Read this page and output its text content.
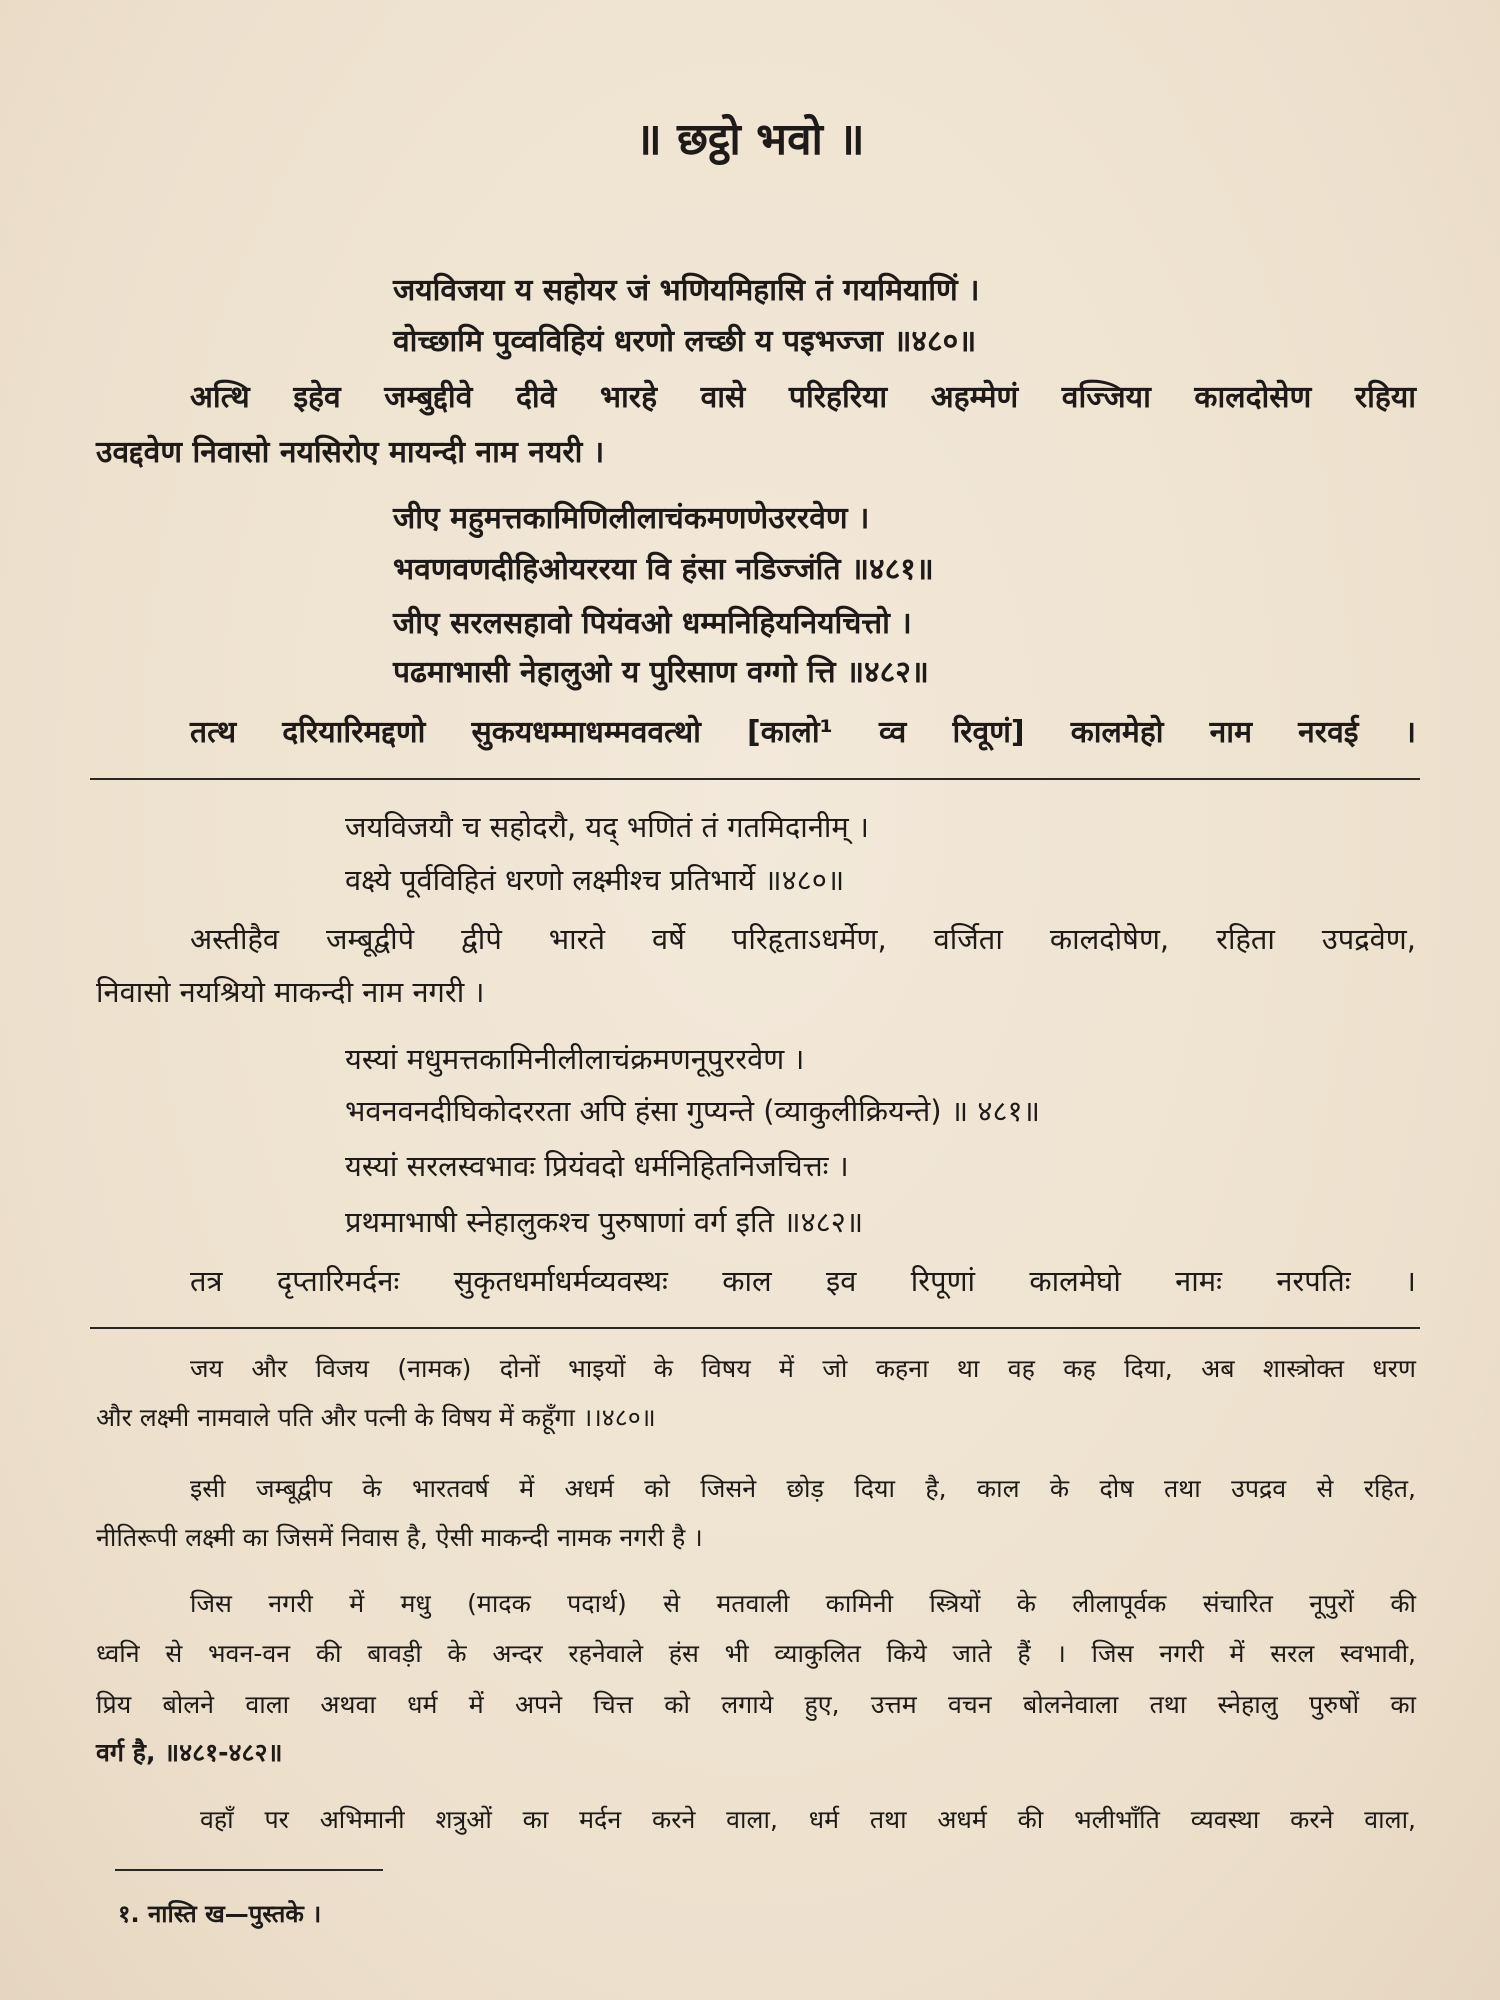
॥ छट्ठो भवो ॥
जयविजया य सहोयर जं भणियमिहासि तं गयमियाणिं ।
वोच्छामि पुव्वविहियं धरणो लच्छी य पइभज्जा ॥४८०॥
अत्थि इहेव जम्बुद्दीवे दीवे भारहे वासे परिहरिया अहम्मेणं वज्जिया कालदोसेण रहिया
उवद्दवेण निवासो नयसिरोए मायन्दी नाम नयरी ।
जीए महुमत्तकामिणिलीलाचंकमणणेउररवेण ।
भवणवणदीहिओयररया वि हंसा नडिज्जंति ॥४८१॥
जीए सरलसहावो पियंवओ धम्मनिहियनियचित्तो ।
पढमाभासी नेहालुओ य पुरिसाण वग्गो त्ति ॥४८२॥
तत्थ दरियारिमद्दणो सुकयधम्माधम्मववत्थो [कालो¹ व्व रिवूणं] कालमेहो नाम नरवई ।
जयविजयौ च सहोदरौ, यद् भणितं तं गतमिदानीम् ।
वक्ष्ये पूर्वविहितं धरणो लक्ष्मीश्च प्रतिभार्ये ॥४८०॥
अस्तीहैव जम्बूद्वीपे द्वीपे भारते वर्षे परिहृताऽधर्मेण, वर्जिता कालदोषेण, रहिता उपद्रवेण,
निवासो नयश्रियो माकन्दी नाम नगरी ।
यस्यां मधुमत्तकामिनीलीलाचंक्रमणनूपुररवेण ।
भवनवनदीघिकोदररता अपि हंसा गुप्यन्ते (व्याकुलीक्रियन्ते) ॥ ४८१॥
यस्यां सरलस्वभावः प्रियंवदो धर्मनिहितनिजचित्तः ।
प्रथमाभाषी स्नेहालुकश्च पुरुषाणां वर्ग इति ॥४८२॥
तत्र दृप्तारिमर्दनः सुकृतधर्माधर्मव्यवस्थः काल इव रिपूणां कालमेघो नामः नरपतिः ।
जय और विजय (नामक) दोनों भाइयों के विषय में जो कहना था वह कह दिया, अब शास्त्रोक्त धरण
और लक्ष्मी नामवाले पति और पत्नी के विषय में कहूँगा ।।४८०॥
इसी जम्बूद्वीप के भारतवर्ष में अधर्म को जिसने छोड़ दिया है, काल के दोष तथा उपद्रव से रहित,
नीतिरूपी लक्ष्मी का जिसमें निवास है, ऐसी माकन्दी नामक नगरी है ।
जिस नगरी में मधु (मादक पदार्थ) से मतवाली कामिनी स्त्रियों के लीलापूर्वक संचारित नूपुरों की
ध्वनि से भवन-वन की बावड़ी के अन्दर रहनेवाले हंस भी व्याकुलित किये जाते हैं । जिस नगरी में सरल स्वभावी,
प्रिय बोलने वाला अथवा धर्म में अपने चित्त को लगाये हुए, उत्तम वचन बोलनेवाला तथा स्नेहालु पुरुषों का
वर्ग है, ॥४८१-४८२॥
वहाँ पर अभिमानी शत्रुओं का मर्दन करने वाला, धर्म तथा अधर्म की भलीभाँति व्यवस्था करने वाला,
१. नास्ति ख—पुस्तके ।
